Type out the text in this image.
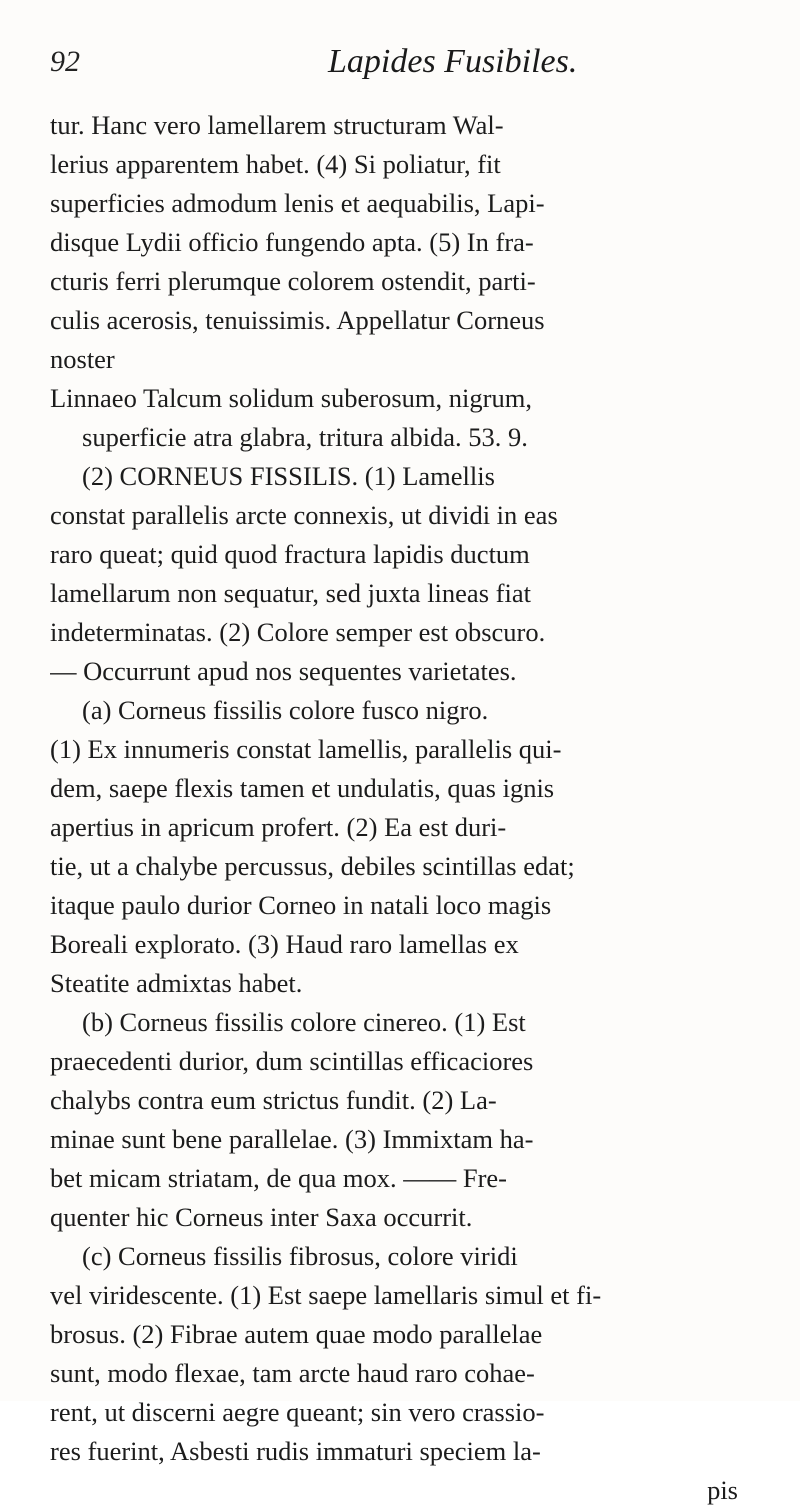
92	Lapides Fusibiles.
tur. Hanc vero lamellarem structuram Wal-
lerius apparentem habet. (4) Si poliatur, fit
superficies admodum lenis et aequabilis, Lapi-
disque Lydii officio fungendo apta. (5) In fra-
cturis ferri plerumque colorem ostendit, parti-
culis acerosis, tenuissimis. Appellatur Corneus
noster
Linnaeo Talcum solidum suberosum, nigrum,
superficie atra glabra, tritura albida. 53. 9.
(2) CORNEUS FISSILIS. (1) Lamellis
constat parallelis arcte connexis, ut dividi in eas
raro queat; quid quod fractura lapidis ductum
lamellarum non sequatur, sed juxta lineas fiat
indeterminatas. (2) Colore semper est obscuro.
— Occurrunt apud nos sequentes varietates.
(a) Corneus fissilis colore fusco nigro.
(1) Ex innumeris constat lamellis, parallelis qui-
dem, saepe flexis tamen et undulatis, quas ignis
apertius in apricum profert. (2) Ea est duri-
tie, ut a chalybe percussus, debiles scintillas edat;
itaque paulo durior Corneo in natali loco magis
Boreali explorato. (3) Haud raro lamellas ex
Steatite admixtas habet.
(b) Corneus fissilis colore cinereo. (1) Est
praecedenti durior, dum scintillas efficaciores
chalybs contra eum strictus fundit. (2) La-
minae sunt bene parallelae. (3) Immixtam ha-
bet micam striatam, de qua mox. —— Fre-
quenter hic Corneus inter Saxa occurrit.
(c) Corneus fissilis fibrosus, colore viridi
vel viridescente. (1) Est saepe lamellaris simul et fi-
brosus. (2) Fibrae autem quae modo parallelae
sunt, modo flexae, tam arcte haud raro cohae-
rent, ut discerni aegre queant; sin vero crassio-
res fuerint, Asbesti rudis immaturi speciem la-
pis
